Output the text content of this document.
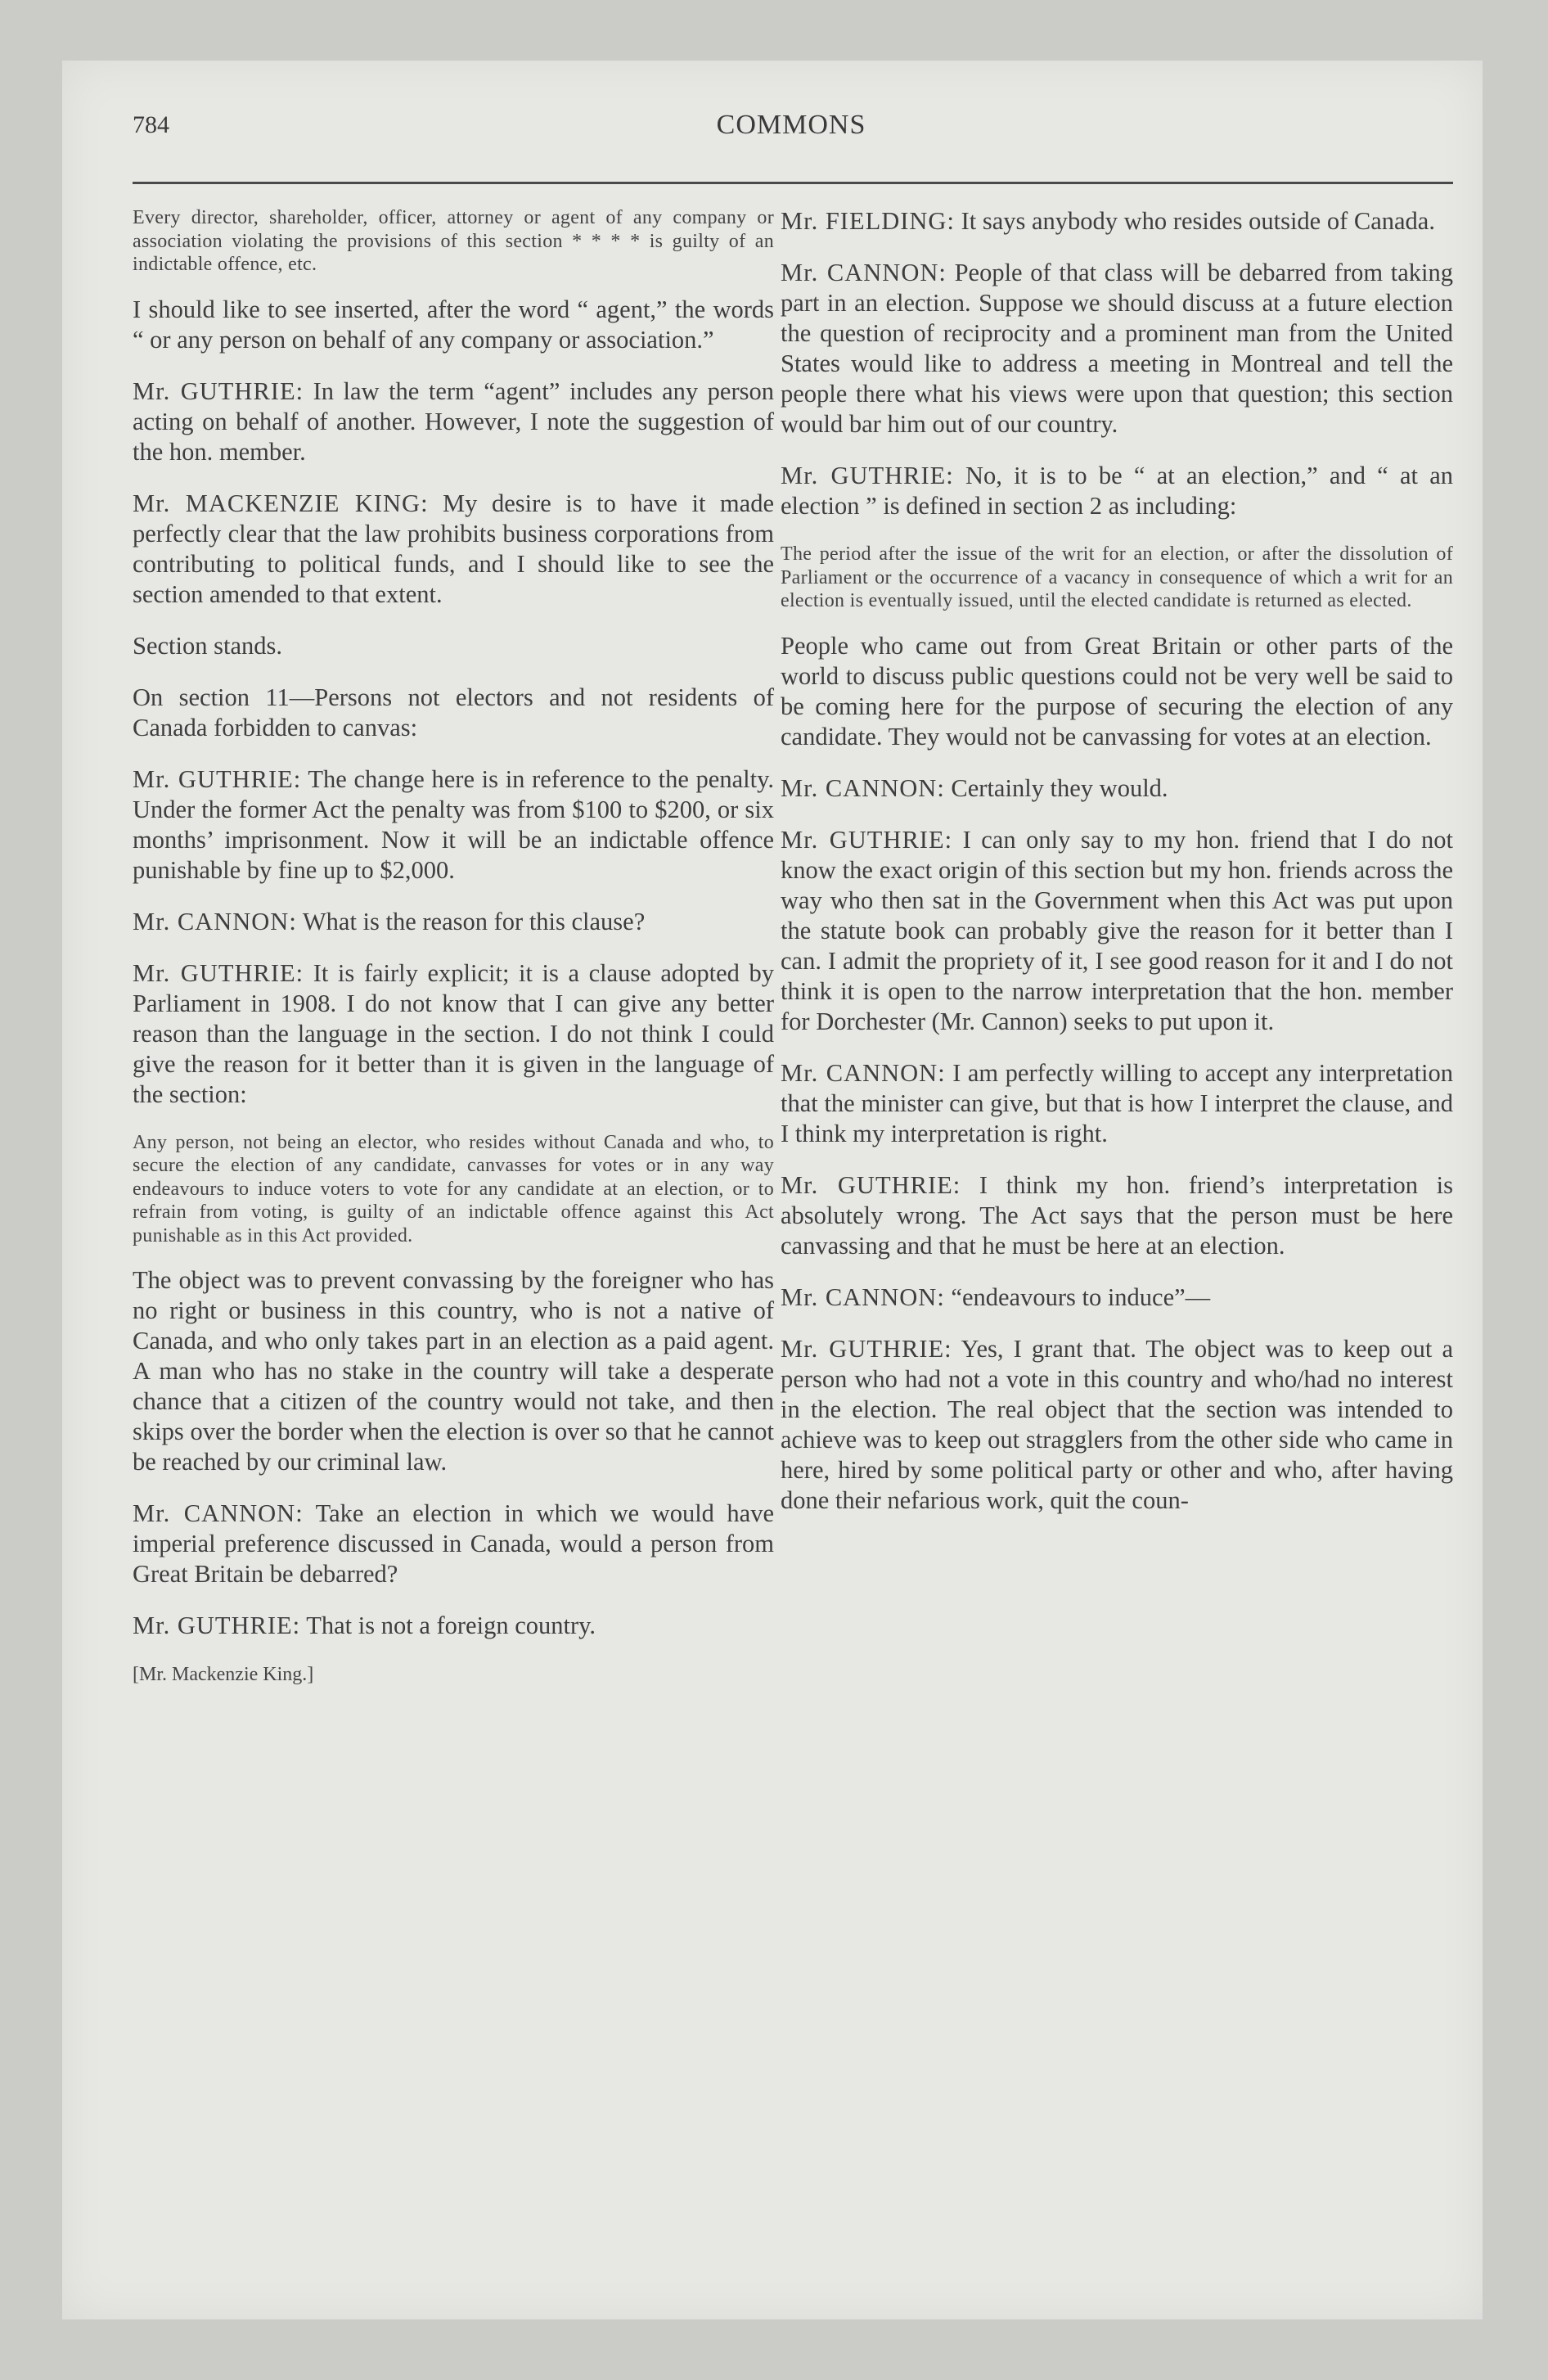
784	COMMONS

Every director, shareholder, officer, attorney or agent of any company or association violating the provisions of this section * * * * is guilty of an indictable offence, etc.

I should like to see inserted, after the word “ agent,” the words “ or any person on behalf of any company or association.”

Mr. GUTHRIE: In law the term “agent” includes any person acting on behalf of another. However, I note the suggestion of the hon. member.

Mr. MACKENZIE KING: My desire is to have it made perfectly clear that the law prohibits business corporations from contributing to political funds, and I should like to see the section amended to that extent.

Section stands.

On section 11—Persons not electors and not residents of Canada forbidden to canvas:

Mr. GUTHRIE: The change here is in reference to the penalty. Under the former Act the penalty was from $100 to $200, or six months’ imprisonment. Now it will be an indictable offence punishable by fine up to $2,000.

Mr. CANNON: What is the reason for this clause?

Mr. GUTHRIE: It is fairly explicit; it is a clause adopted by Parliament in 1908. I do not know that I can give any better reason than the language in the section. I do not think I could give the reason for it better than it is given in the language of the section:

Any person, not being an elector, who resides without Canada and who, to secure the election of any candidate, canvasses for votes or in any way endeavours to induce voters to vote for any candidate at an election, or to refrain from voting, is guilty of an indictable offence against this Act punishable as in this Act provided.

The object was to prevent convassing by the foreigner who has no right or business in this country, who is not a native of Canada, and who only takes part in an election as a paid agent. A man who has no stake in the country will take a desperate chance that a citizen of the country would not take, and then skips over the border when the election is over so that he cannot be reached by our criminal law.

Mr. CANNON: Take an election in which we would have imperial preference discussed in Canada, would a person from Great Britain be debarred?

Mr. GUTHRIE: That is not a foreign country.

[Mr. Mackenzie King.]

Mr. FIELDING: It says anybody who resides outside of Canada.

Mr. CANNON: People of that class will be debarred from taking part in an election. Suppose we should discuss at a future election the question of reciprocity and a prominent man from the United States would like to address a meeting in Montreal and tell the people there what his views were upon that question; this section would bar him out of our country.

Mr. GUTHRIE: No, it is to be “ at an election,” and “ at an election ” is defined in section 2 as including:

The period after the issue of the writ for an election, or after the dissolution of Parliament or the occurrence of a vacancy in consequence of which a writ for an election is eventually issued, until the elected candidate is returned as elected.

People who came out from Great Britain or other parts of the world to discuss public questions could not be very well be said to be coming here for the purpose of securing the election of any candidate. They would not be canvassing for votes at an election.

Mr. CANNON: Certainly they would.

Mr. GUTHRIE: I can only say to my hon. friend that I do not know the exact origin of this section but my hon. friends across the way who then sat in the Government when this Act was put upon the statute book can probably give the reason for it better than I can. I admit the propriety of it, I see good reason for it and I do not think it is open to the narrow interpretation that the hon. member for Dorchester (Mr. Cannon) seeks to put upon it.

Mr. CANNON: I am perfectly willing to accept any interpretation that the minister can give, but that is how I interpret the clause, and I think my interpretation is right.

Mr. GUTHRIE: I think my hon. friend’s interpretation is absolutely wrong. The Act says that the person must be here canvassing and that he must be here at an election.

Mr. CANNON: “endeavours to induce”—

Mr. GUTHRIE: Yes, I grant that. The object was to keep out a person who had not a vote in this country and who/had no interest in the election. The real object that the section was intended to achieve was to keep out stragglers from the other side who came in here, hired by some political party or other and who, after having done their nefarious work, quit the coun-
